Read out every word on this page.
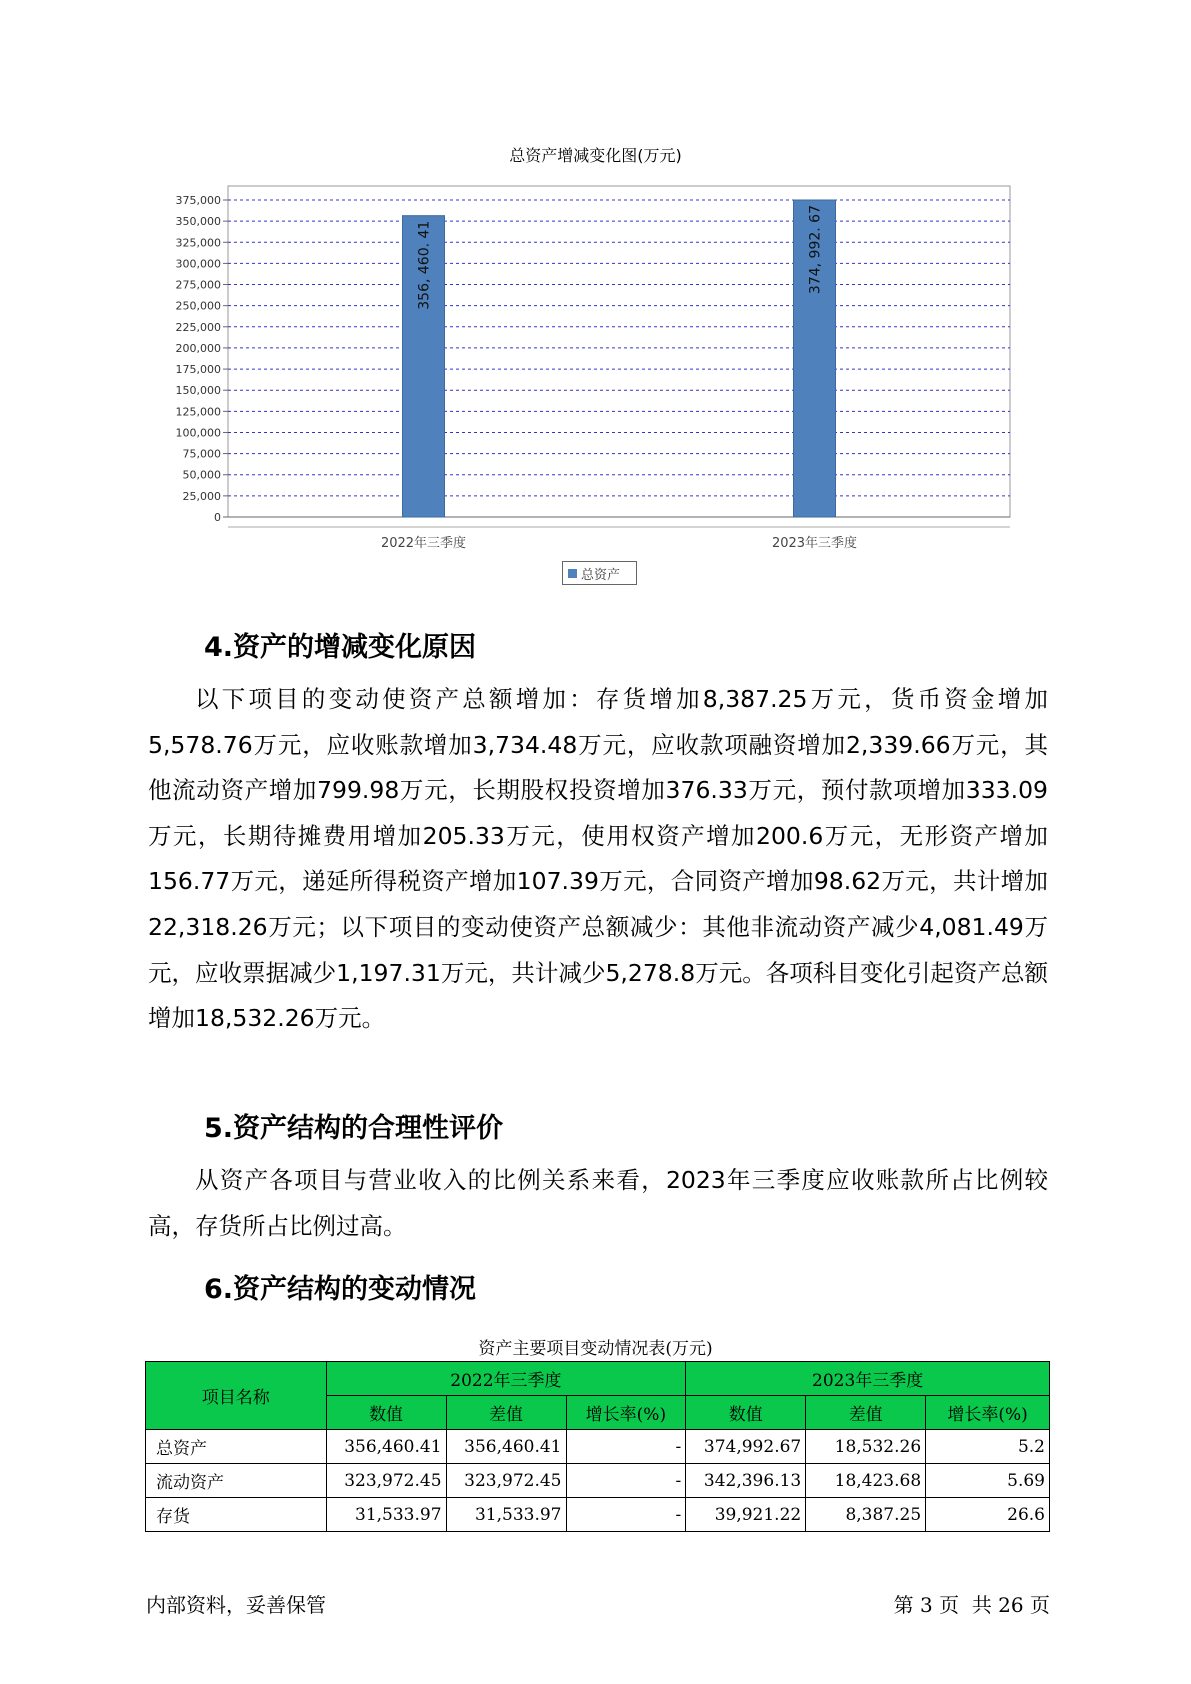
总资产增减变化图(万元)
0
25,000
50,000
75,000
100,000
125,000
150,000
175,000
200,000
225,000
250,000
275,000
300,000
325,000
350,000
375,000
356, 460. 41	374, 992. 67
2022年三季度	2023年三季度
总资产
4.资产的增减变化原因

以下项目的变动使资产总额增加：存货增加8,387.25万元，货币资金增加5,578.76万元，应收账款增加3,734.48万元，应收款项融资增加2,339.66万元，其他流动资产增加799.98万元，长期股权投资增加376.33万元，预付款项增加333.09万元，长期待摊费用增加205.33万元，使用权资产增加200.6万元，无形资产增加156.77万元，递延所得税资产增加107.39万元，合同资产增加98.62万元，共计增加22,318.26万元；以下项目的变动使资产总额减少：其他非流动资产减少4,081.49万元，应收票据减少1,197.31万元，共计减少5,278.8万元。各项科目变化引起资产总额增加18,532.26万元。

5.资产结构的合理性评价

从资产各项目与营业收入的比例关系来看，2023年三季度应收账款所占比例较高，存货所占比例过高。

6.资产结构的变动情况
资产主要项目变动情况表(万元)
项目名称	2022年三季度			2023年三季度		
	数值	差值	增长率(%)	数值	差值	增长率(%)
总资产	356,460.41	356,460.41	-	374,992.67	18,532.26	5.2
流动资产	323,972.45	323,972.45	-	342,396.13	18,423.68	5.69
存货	31,533.97	31,533.97	-	39,921.22	8,387.25	26.6
内部资料，妥善保管	第 3 页  共 26 页
